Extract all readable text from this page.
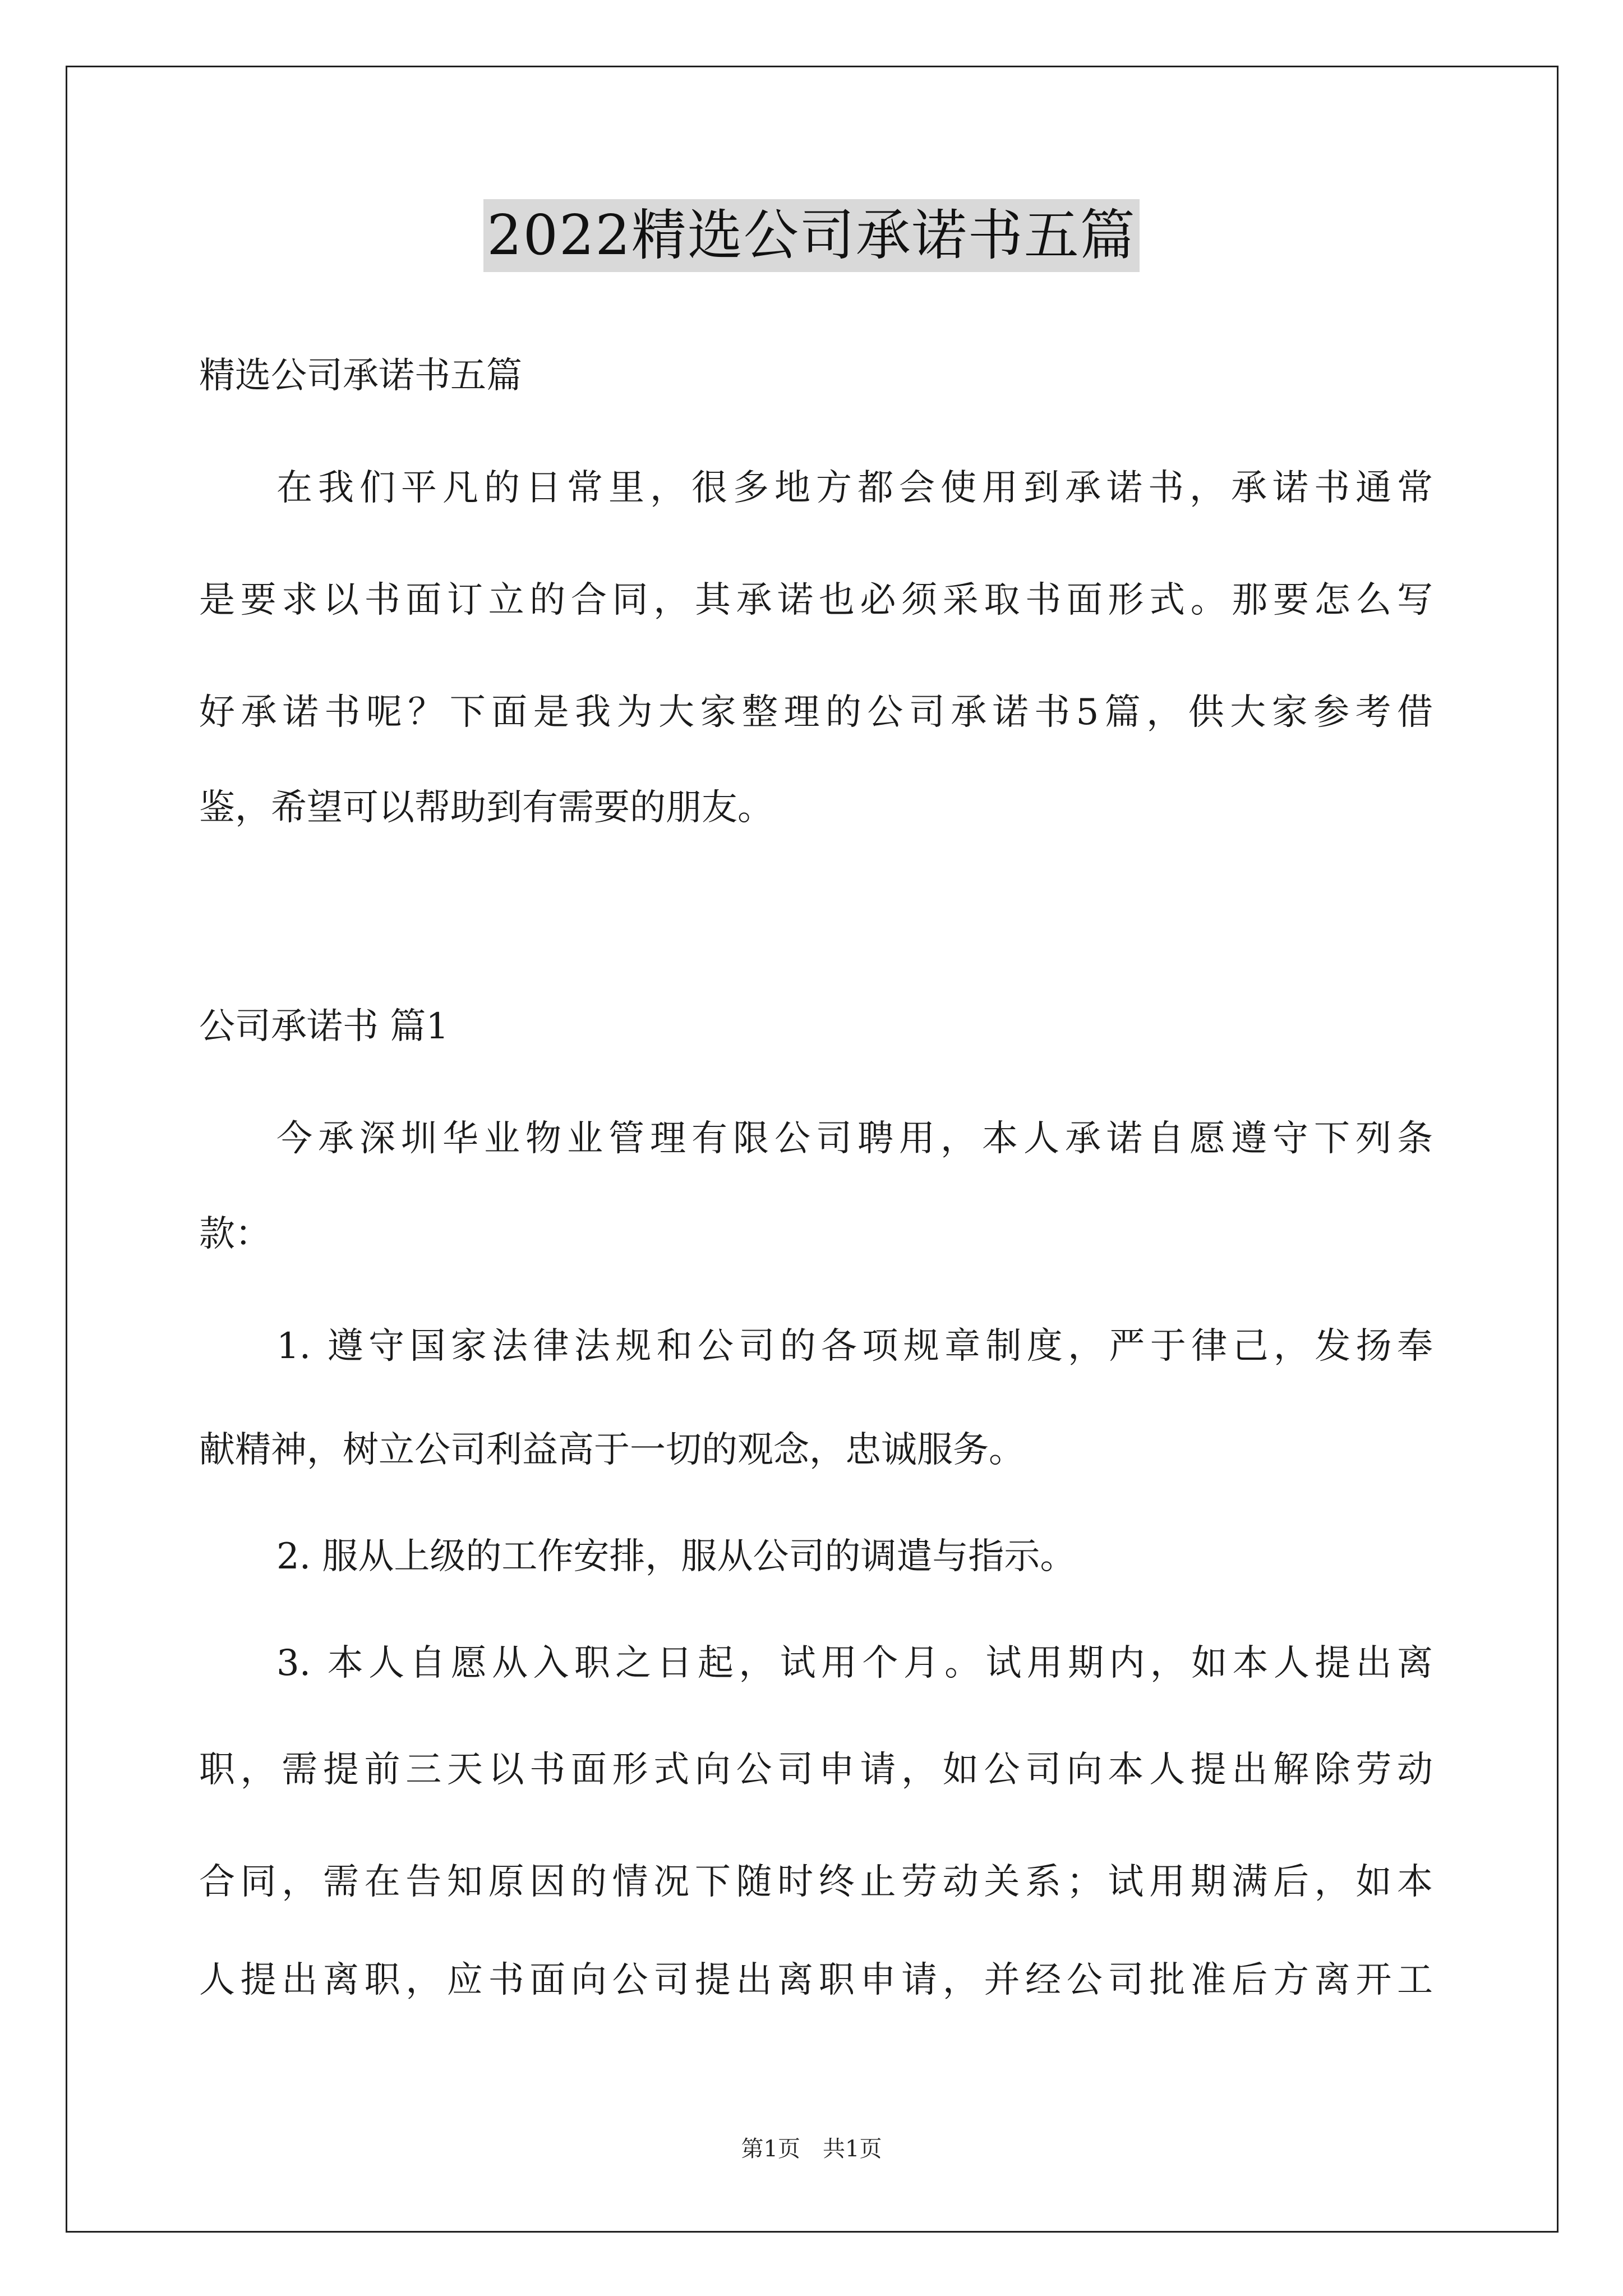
2022精选公司承诺书五篇
精选公司承诺书五篇
在我们平凡的日常里，很多地方都会使用到承诺书，承诺书通常
是要求以书面订立的合同，其承诺也必须采取书面形式。那要怎么写
好承诺书呢？下面是我为大家整理的公司承诺书5篇，供大家参考借
鉴，希望可以帮助到有需要的朋友。
公司承诺书 篇1
今承深圳华业物业管理有限公司聘用，本人承诺自愿遵守下列条
款：
1. 遵守国家法律法规和公司的各项规章制度，严于律己，发扬奉
献精神，树立公司利益高于一切的观念，忠诚服务。
2. 服从上级的工作安排，服从公司的调遣与指示。
3. 本人自愿从入职之日起，试用个月。试用期内，如本人提出离
职，需提前三天以书面形式向公司申请，如公司向本人提出解除劳动
合同，需在告知原因的情况下随时终止劳动关系；试用期满后，如本
人提出离职，应书面向公司提出离职申请，并经公司批准后方离开工
第1页　共1页
